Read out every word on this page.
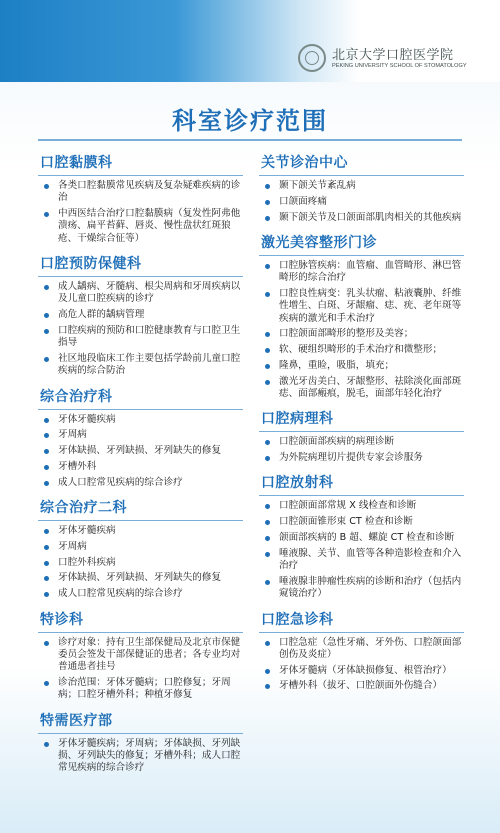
北京大学口腔医学院
PEKING UNIVERSITY SCHOOL OF STOMATOLOGY
科室诊疗范围
口腔黏膜科
各类口腔黏膜常见疾病及复杂疑难疾病的诊治
中西医结合治疗口腔黏膜病（复发性阿弗他溃疡、扁平苔藓、唇炎、慢性盘状红斑狼疮、干燥综合征等）
口腔预防保健科
成人龋病、牙髓病、根尖周病和牙周疾病以及儿童口腔疾病的诊疗
高危人群的龋病管理
口腔疾病的预防和口腔健康教育与口腔卫生指导
社区地段临床工作主要包括学龄前儿童口腔疾病的综合防治
综合治疗科
牙体牙髓疾病
牙周病
牙体缺损、牙列缺损、牙列缺失的修复
牙槽外科
成人口腔常见疾病的综合诊疗
综合治疗二科
牙体牙髓疾病
牙周病
口腔外科疾病
牙体缺损、牙列缺损、牙列缺失的修复
成人口腔常见疾病的综合诊疗
特诊科
诊疗对象：持有卫生部保健局及北京市保健委员会签发干部保健证的患者；各专业均对普通患者挂号
诊治范围：牙体牙髓病；口腔修复；牙周病；口腔牙槽外科；种植牙修复
特需医疗部
牙体牙髓疾病；牙周病；牙体缺损、牙列缺损、牙列缺失的修复；牙槽外科；成人口腔常见疾病的综合诊疗
关节诊治中心
颞下颌关节紊乱病
口颌面疼痛
颞下颌关节及口颌面部肌肉相关的其他疾病
激光美容整形门诊
口腔脉管疾病：血管瘤、血管畸形、淋巴管畸形的综合治疗
口腔良性病变：乳头状瘤、粘液囊肿、纤维性增生、白斑、牙龈瘤、痣、疣、老年斑等疾病的激光和手术治疗
口腔颌面部畸形的整形及美容；
软、硬组织畸形的手术治疗和微整形；
隆鼻，重睑，吸脂，填充；
激光牙齿美白、牙龈整形、祛除淡化面部斑痣、面部瘢痕，脱毛，面部年轻化治疗
口腔病理科
口腔颌面部疾病的病理诊断
为外院病理切片提供专家会诊服务
口腔放射科
口腔颌面部常规 X 线检查和诊断
口腔颌面锥形束 CT 检查和诊断
颌面部疾病的 B 超、螺旋 CT 检查和诊断
唾液腺、关节、血管等各种造影检查和介入治疗
唾液腺非肿瘤性疾病的诊断和治疗（包括内窥镜治疗）
口腔急诊科
口腔急症（急性牙痛、牙外伤、口腔颌面部创伤及炎症）
牙体牙髓病（牙体缺损修复、根管治疗）
牙槽外科（拔牙、口腔颌面外伤缝合）
